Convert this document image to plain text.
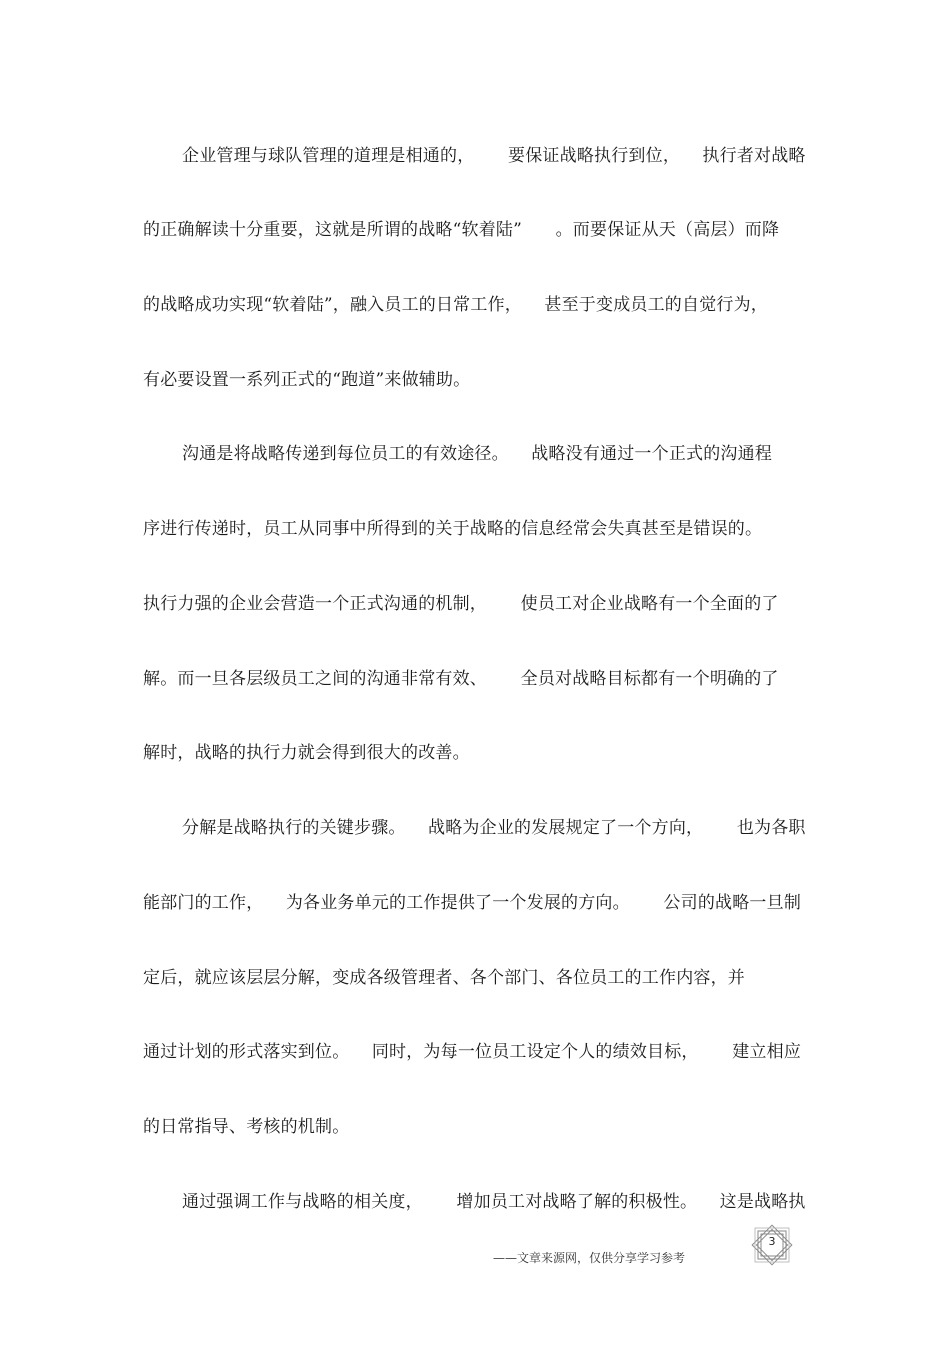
企业管理与球队管理的道理是相通的，      要保证战略执行到位，    执行者对战略
的正确解读十分重要，这就是所谓的战略“软着陆”      。而要保证从天（高层）而降
的战略成功实现“软着陆”，融入员工的日常工作，    甚至于变成员工的自觉行为，
有必要设置一系列正式的“跑道”来做辅助。
沟通是将战略传递到每位员工的有效途径。    战略没有通过一个正式的沟通程
序进行传递时，员工从同事中所得到的关于战略的信息经常会失真甚至是错误的。
执行力强的企业会营造一个正式沟通的机制，      使员工对企业战略有一个全面的了
解。而一旦各层级员工之间的沟通非常有效、      全员对战略目标都有一个明确的了
解时，战略的执行力就会得到很大的改善。
分解是战略执行的关键步骤。    战略为企业的发展规定了一个方向，      也为各职
能部门的工作，    为各业务单元的工作提供了一个发展的方向。      公司的战略一旦制
定后，就应该层层分解，变成各级管理者、各个部门、各位员工的工作内容，并
通过计划的形式落实到位。    同时，为每一位员工设定个人的绩效目标，      建立相应
的日常指导、考核的机制。
通过强调工作与战略的相关度，      增加员工对战略了解的积极性。    这是战略执
3
——文章来源网，仅供分享学习参考
